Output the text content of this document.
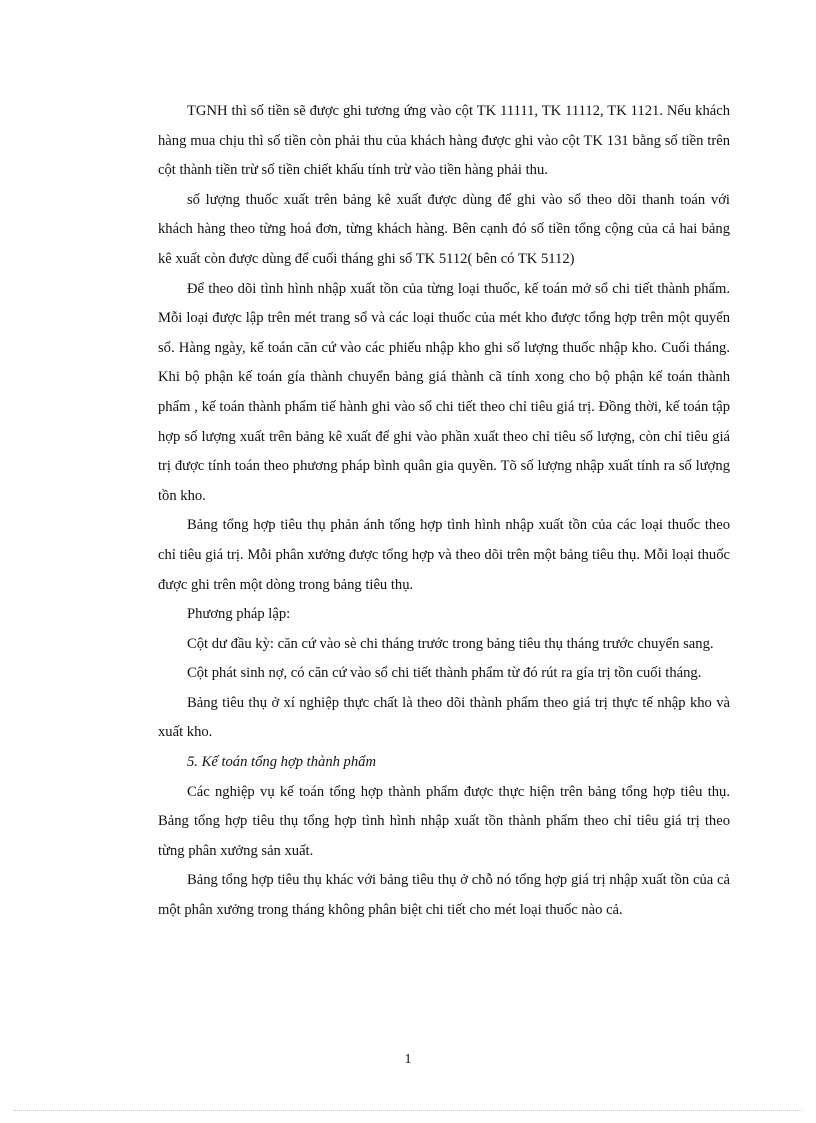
TGNH thì số tiền sẽ được ghi tương ứng vào cột TK 11111, TK 11112, TK 1121. Nếu khách hàng mua chịu thì số tiền còn phải thu của khách hàng được ghi vào cột TK 131 bằng số tiền trên cột thành tiền trừ số tiền chiết khấu tính trừ vào tiền hàng phải thu.

số lượng thuốc xuất trên bảng kê xuất được dùng để ghi vào sổ theo dõi thanh toán với khách hàng theo từng hoá đơn, từng khách hàng. Bên cạnh đó số tiền tổng cộng của cả hai bảng kê xuất còn được dùng để cuối tháng ghi sổ TK 5112( bên có TK 5112)

Để theo dõi tình hình nhập xuất tồn của từng loại thuốc, kế toán mở sổ chi tiết thành phẩm. Mỗi loại được lập trên mét trang sổ và các loại thuốc của mét kho được tổng hợp trên một quyển sổ. Hàng ngày, kế toán căn cứ vào các phiếu nhập kho ghi số lượng thuốc nhập kho. Cuối tháng. Khi bộ phận kế toán gía thành chuyển bảng giá thành cã tính xong cho bộ phận kế toán thành phẩm , kế toán thành phẩm tiế hành ghi vào sổ chi tiết theo chỉ tiêu giá trị. Đồng thời, kế toán tập hợp số lượng xuất trên bảng kê xuất để ghi vào phần xuất theo chỉ tiêu số lượng, còn chỉ tiêu giá trị được tính toán theo phương pháp bình quân gia quyền. Tõ số lượng nhập xuất tính ra số lượng tồn kho.

Bảng tổng hợp tiêu thụ phản ánh tổng hợp tình hình nhập xuất tồn của các loại thuốc theo chỉ tiêu giá trị. Mỗi phân xưởng được tổng hợp và theo dõi trên một bảng tiêu thụ. Mỗi loại thuốc được ghi trên một dòng trong bảng tiêu thụ.

Phương pháp lập:

Cột dư đầu kỳ: căn cứ vào sè chi tháng trước trong bảng tiêu thụ tháng trước chuyển sang.

Cột phát sinh nợ, có căn cứ vào sổ chi tiết thành phẩm từ đó rút ra gía trị tồn cuối tháng.

Bảng tiêu thụ ở xí nghiệp thực chất là theo dõi thành phẩm theo giá trị thực tế nhập kho và xuất kho.

5. Kế toán tổng hợp thành phẩm

Các nghiệp vụ kế toán tổng hợp thành phẩm được thực hiện trên bảng tổng hợp tiêu thụ. Bảng tổng hợp tiêu thụ tổng hợp tình hình nhập xuất tồn thành phẩm theo chỉ tiêu giá trị theo từng phân xưởng sản xuất.

Bảng tổng hợp tiêu thụ khác với bảng tiêu thụ ở chỗ nó tổng hợp giá trị nhập xuất tồn của cả một phân xưởng trong tháng không phân biệt chi tiết cho mét loại thuốc nào cả.

1
